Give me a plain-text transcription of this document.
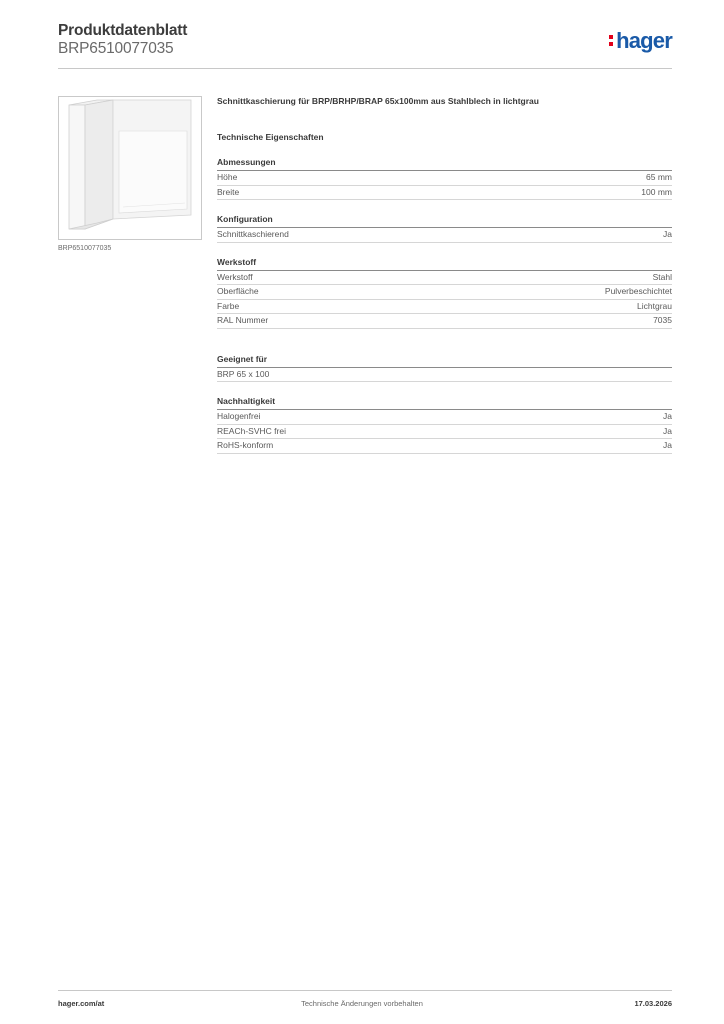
Produktdatenblatt
BRP6510077035	hager
BRP6510077035
Schnittkaschierung für BRP/BRHP/BRAP 65x100mm aus Stahlblech in lichtgrau
Technische Eigenschaften
Abmessungen
Höhe	65 mm
Breite	100 mm
Konfiguration
Schnittkaschierend	Ja
Werkstoff
Werkstoff	Stahl
Oberfläche	Pulverbeschichtet
Farbe	Lichtgrau
RAL Nummer	7035
Geeignet für
BRP 65 x 100
Nachhaltigkeit
Halogenfrei	Ja
REACh-SVHC frei	Ja
RoHS-konform	Ja
hager.com/at	Technische Änderungen vorbehalten	17.03.2026
